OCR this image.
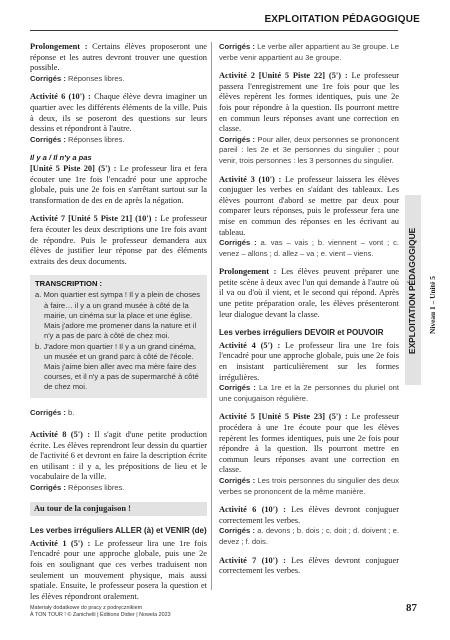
EXPLOITATION PÉDAGOGIQUE

Prolongement : Certains élèves proposeront une réponse et les autres devront trouver une question possible.
Corrigés : Réponses libres.

Activité 6 (10') : Chaque élève devra imaginer un quartier avec les différents éléments de la ville. Puis à deux, ils se poseront des questions sur leurs dessins et répondront à l'autre.
Corrigés : Réponses libres.

Il y a / Il n'y a pas
[Unité 5 Piste 20] (5') : Le professeur lira et fera écouter une 1re fois l'encadré pour une approche globale, puis une 2e fois en s'arrêtant surtout sur la transformation de des en de après la négation.

Activité 7 [Unité 5 Piste 21] (10') : Le professeur fera écouter les deux descriptions une 1re fois avant de répondre. Puis le professeur demandera aux élèves de justifier leur réponse par des éléments extraits des deux documents.

TRANSCRIPTION :
a. Mon quartier est sympa ! Il y a plein de choses à faire… il y a un grand musée à côté de la mairie, un cinéma sur la place et une église. Mais j'adore me promener dans la nature et il n'y a pas de parc à côté de chez moi.
b. J'adore mon quartier ! Il y a un grand cinéma, un musée et un grand parc à côté de l'école. Mais j'aime bien aller avec ma mère faire des courses, et il n'y a pas de supermarché à côté de chez moi.

Corrigés : b.

Activité 8 (5') : Il s'agit d'une petite production écrite. Les élèves reprendront leur dessin du quartier de l'activité 6 et devront en faire la description écrite en utilisant : il y a, les prépositions de lieu et le vocabulaire de la ville.
Corrigés : Réponses libres.

Au tour de la conjugaison !
Les verbes irréguliers ALLER (à) et VENIR (de)

Activité 1 (5') : Le professeur lira une 1re fois l'encadré pour une approche globale, puis une 2e fois en soulignant que ces verbes traduisent non seulement un mouvement physique, mais aussi spatiale. Ensuite, le professeur posera la question et les élèves répondront oralement.

Corrigés : Le verbe aller appartient au 3e groupe. Le verbe venir appartient au 3e groupe.

Activité 2 [Unité 5 Piste 22] (5') : Le professeur passera l'enregistrement une 1re fois pour que les élèves repèrent les formes identiques, puis une 2e fois pour répondre à la question. Ils pourront mettre en commun leurs réponses avant une correction en classe.
Corrigés : Pour aller, deux personnes se prononcent pareil : les 2e et 3e personnes du singulier ; pour venir, trois personnes : les 3 personnes du singulier.

Activité 3 (10') : Le professeur laissera les élèves conjuguer les verbes en s'aidant des tableaux. Les élèves pourront d'abord se mettre par deux pour comparer leurs réponses, puis le professeur fera une mise en commun des réponses en les écrivant au tableau.
Corrigés : a. vas – vais ; b. viennent – vont ; c. venez – allons ; d. allez – va ; e. vient – viens.

Prolongement : Les élèves peuvent préparer une petite scène à deux avec l'un qui demande à l'autre où il va ou d'où il vient, et le second qui répond. Après une petite préparation orale, les élèves présenteront leur dialogue devant la classe.

Les verbes irréguliers DEVOIR et POUVOIR

Activité 4 (5') : Le professeur lira une 1re fois l'encadré pour une approche globale, puis une 2e fois en insistant particulièrement sur les formes irrégulières.
Corrigés : La 1re et la 2e personnes du pluriel ont une conjugaison régulière.

Activité 5 [Unité 5 Piste 23] (5') : Le professeur procédera à une 1re écoute pour que les élèves repèrent les formes identiques, puis une 2e fois pour répondre à la question. Ils pourront mettre en commun leurs réponses avant une correction en classe.
Corrigés : Les trois personnes du singulier des deux verbes se prononcent de la même manière.

Activité 6 (10') : Les élèves devront conjuguer correctement les verbes.
Corrigés : a. devons ; b. dois ; c. doit ; d. doivent ; e. devez ; f. dois.

Activité 7 (10') : Les élèves devront conjuguer correctement les verbes.

EXPLOITATION PÉDAGOGIQUE Niveau 1 – Unité 5
Materiały dodatkowe do pracy z podręcznikiem
À TON TOUR ! © Zanichelli | Éditions Didier | Nowela 2023
87
